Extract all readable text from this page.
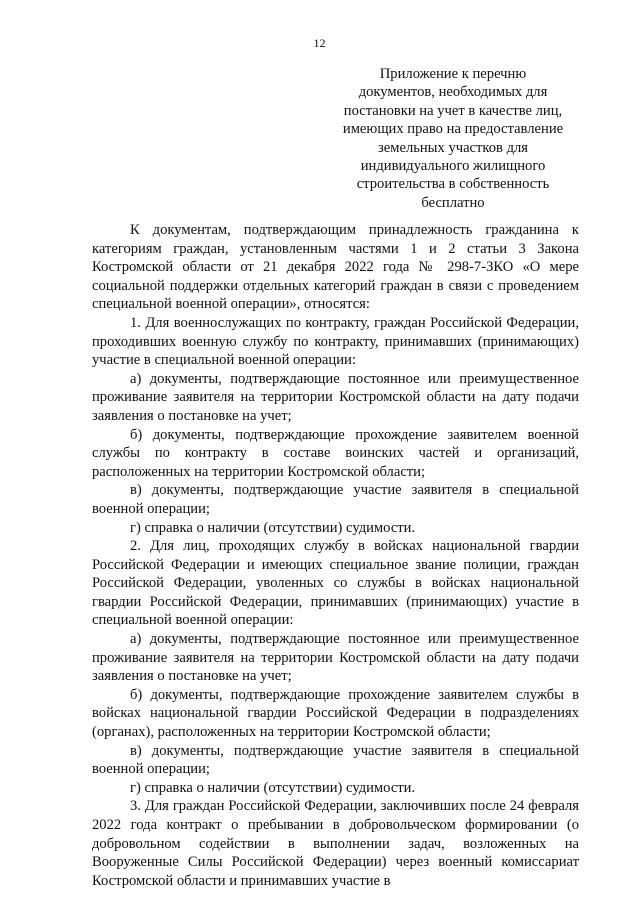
12
Приложение к перечню
документов, необходимых для
постановки на учет в качестве лиц,
имеющих право на предоставление
земельных участков для
индивидуального жилищного
строительства в собственность
бесплатно

К документам, подтверждающим принадлежность гражданина к категориям граждан, установленным частями 1 и 2 статьи 3 Закона Костромской области от 21 декабря 2022 года № 298-7-ЗКО «О мере социальной поддержки отдельных категорий граждан в связи с проведением специальной военной операции», относятся:

1. Для военнослужащих по контракту, граждан Российской Федерации, проходивших военную службу по контракту, принимавших (принимающих) участие в специальной военной операции:

а) документы, подтверждающие постоянное или преимущественное проживание заявителя на территории Костромской области на дату подачи заявления о постановке на учет;

б) документы, подтверждающие прохождение заявителем военной службы по контракту в составе воинских частей и организаций, расположенных на территории Костромской области;

в) документы, подтверждающие участие заявителя в специальной военной операции;

г) справка о наличии (отсутствии) судимости.

2. Для лиц, проходящих службу в войсках национальной гвардии Российской Федерации и имеющих специальное звание полиции, граждан Российской Федерации, уволенных со службы в войсках национальной гвардии Российской Федерации, принимавших (принимающих) участие в специальной военной операции:

а) документы, подтверждающие постоянное или преимущественное проживание заявителя на территории Костромской области на дату подачи заявления о постановке на учет;

б) документы, подтверждающие прохождение заявителем службы в войсках национальной гвардии Российской Федерации в подразделениях (органах), расположенных на территории Костромской области;

в) документы, подтверждающие участие заявителя в специальной военной операции;

г) справка о наличии (отсутствии) судимости.

3. Для граждан Российской Федерации, заключивших после 24 февраля 2022 года контракт о пребывании в добровольческом формировании (о добровольном содействии в выполнении задач, возложенных на Вооруженные Силы Российской Федерации) через военный комиссариат Костромской области и принимавших участие в
